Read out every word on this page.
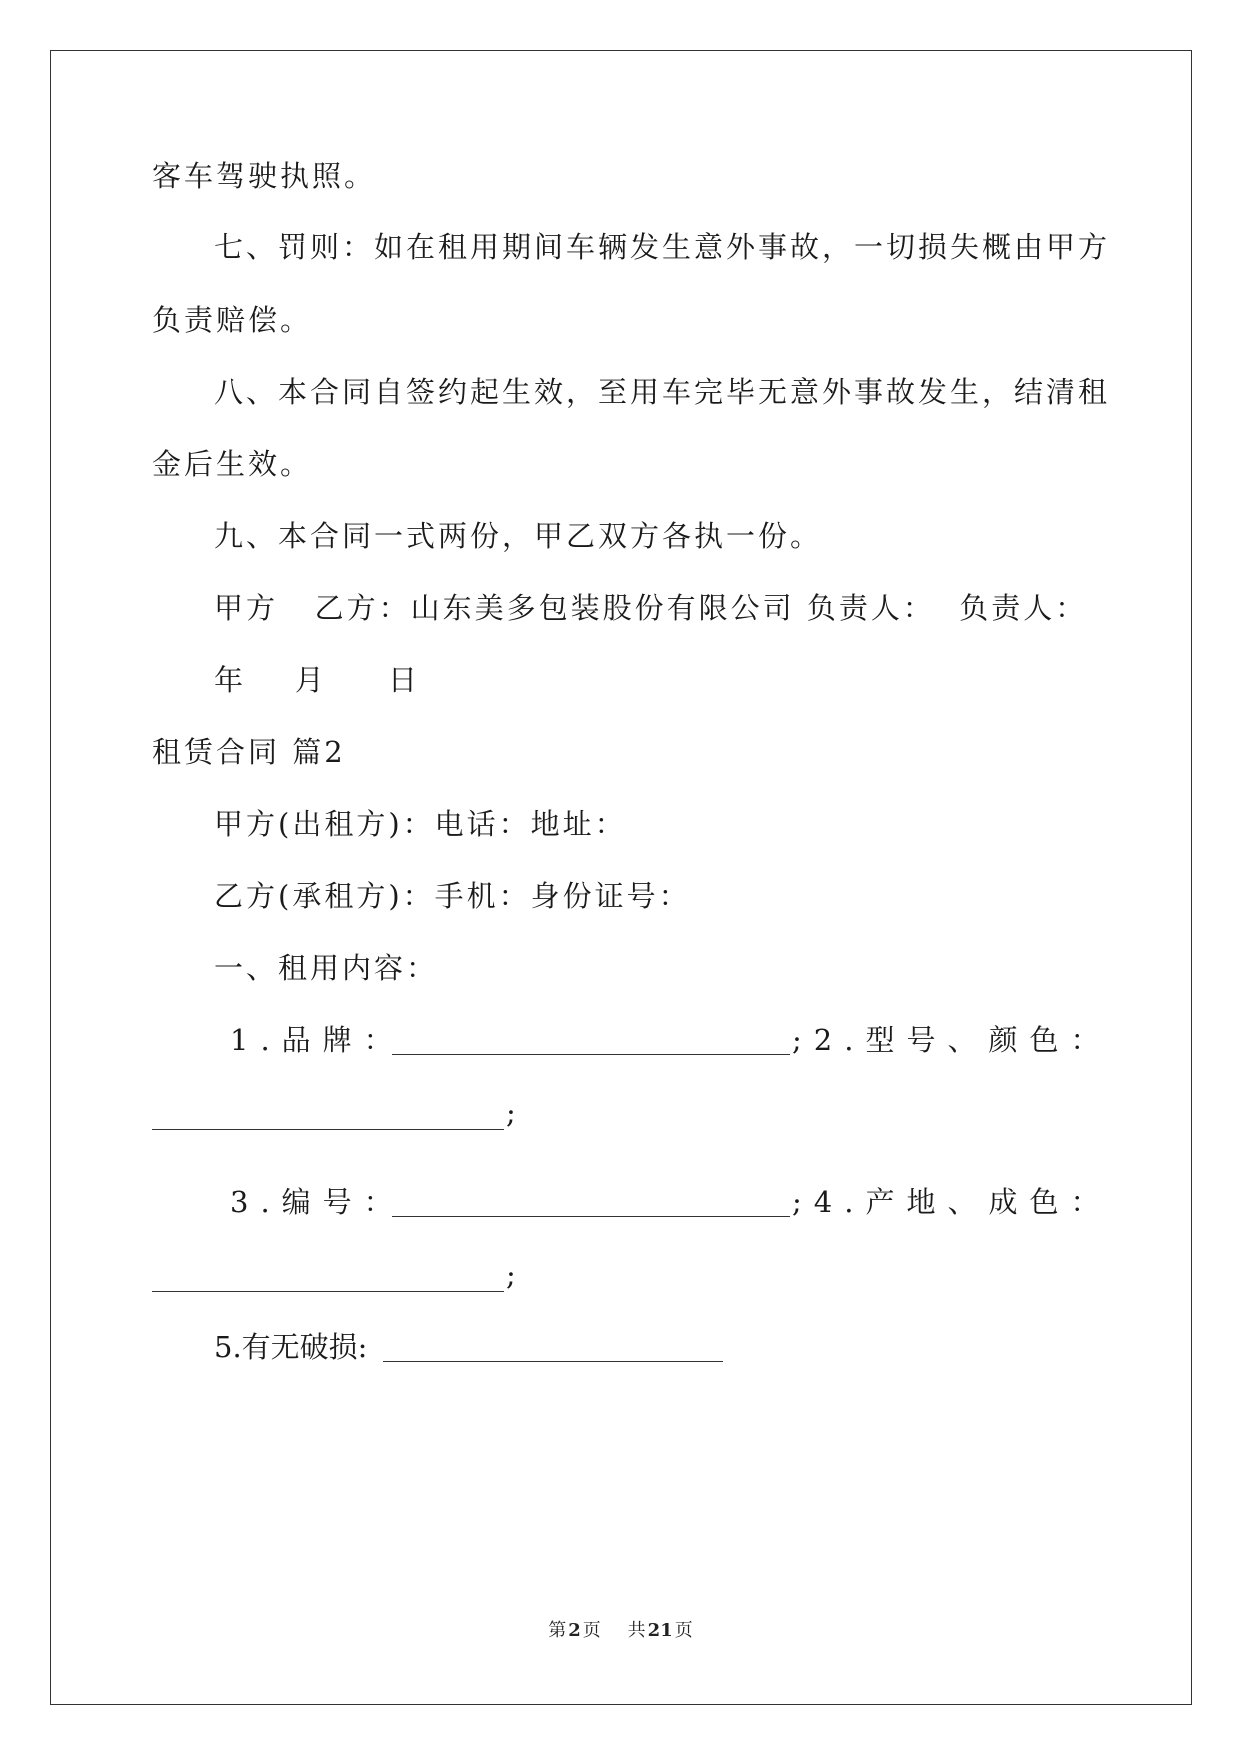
客车驾驶执照。
七、罚则：如在租用期间车辆发生意外事故，一切损失概由甲方
负责赔偿。
八、本合同自签约起生效，至用车完毕无意外事故发生，结清租
金后生效。
九、本合同一式两份，甲乙双方各执一份。
甲方   乙方：山东美多包装股份有限公司 负责人：  负责人：
年    月     日
租赁合同 篇2
甲方(出租方)：电话：地址：
乙方(承租方)：手机：身份证号：
一、租用内容：
1.品牌：	;2.型号、颜色：
;
3.编号：	;4.产地、成色：
;
5.有无破损:
第 2 页 共 21 页
